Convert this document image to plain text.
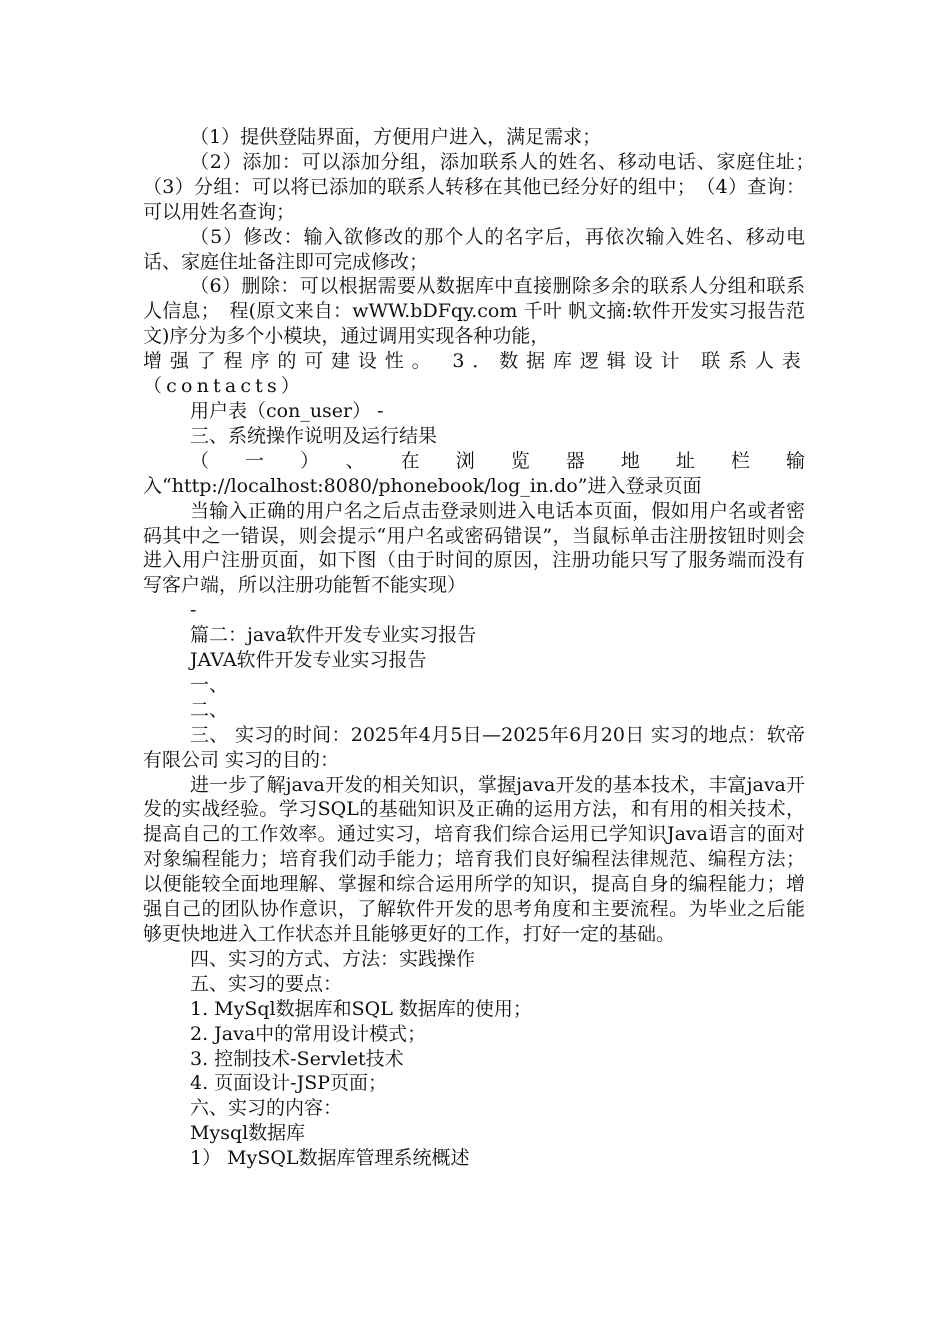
（1）提供登陆界面，方便用户进入，满足需求；

（2）添加：可以添加分组，添加联系人的姓名、移动电话、家庭住址；　（3）分组：可以将已添加的联系人转移在其他已经分好的组中；　（4）查询：可以用姓名查询；

（5）修改：输入欲修改的那个人的名字后，再依次输入姓名、移动电话、家庭住址备注即可完成修改；

（6）删除：可以根据需要从数据库中直接删除多余的联系人分组和联系人信息；　程(原文来自：wWW.bDFqy.com 千叶 帆文摘:软件开发实习报告范文)序分为多个小模块，通过调用实现各种功能，

增强了程序的可建设性。 3．数据库逻辑设计 联系人表（contacts）

用户表（con_user） -

三、系统操作说明及运行结果

（一）、在浏览器地址栏输入“http://localhost:8080/phonebook/log_in.do”进入登录页面

当输入正确的用户名之后点击登录则进入电话本页面，假如用户名或者密码其中之一错误，则会提示“用户名或密码错误”，当鼠标单击注册按钮时则会进入用户注册页面，如下图（由于时间的原因，注册功能只写了服务端而没有写客户端，所以注册功能暂不能实现）

-

篇二：java软件开发专业实习报告

JAVA软件开发专业实习报告

一、

二、

三、 实习的时间：2025年4月5日—2025年6月20日 实习的地点：软帝有限公司 实习的目的：

进一步了解java开发的相关知识，掌握java开发的基本技术，丰富java开发的实战经验。学习SQL的基础知识及正确的运用方法，和有用的相关技术，提高自己的工作效率。通过实习，培育我们综合运用已学知识Java语言的面对对象编程能力；培育我们动手能力；培育我们良好编程法律规范、编程方法；以便能较全面地理解、掌握和综合运用所学的知识，提高自身的编程能力；增强自己的团队协作意识，了解软件开发的思考角度和主要流程。为毕业之后能够更快地进入工作状态并且能够更好的工作，打好一定的基础。

四、实习的方式、方法：实践操作

五、实习的要点：

1. MySql数据库和SQL 数据库的使用；

2. Java中的常用设计模式；

3. 控制技术-Servlet技术

4. 页面设计-JSP页面；

六、实习的内容：

Mysql数据库

1） MySQL数据库管理系统概述
